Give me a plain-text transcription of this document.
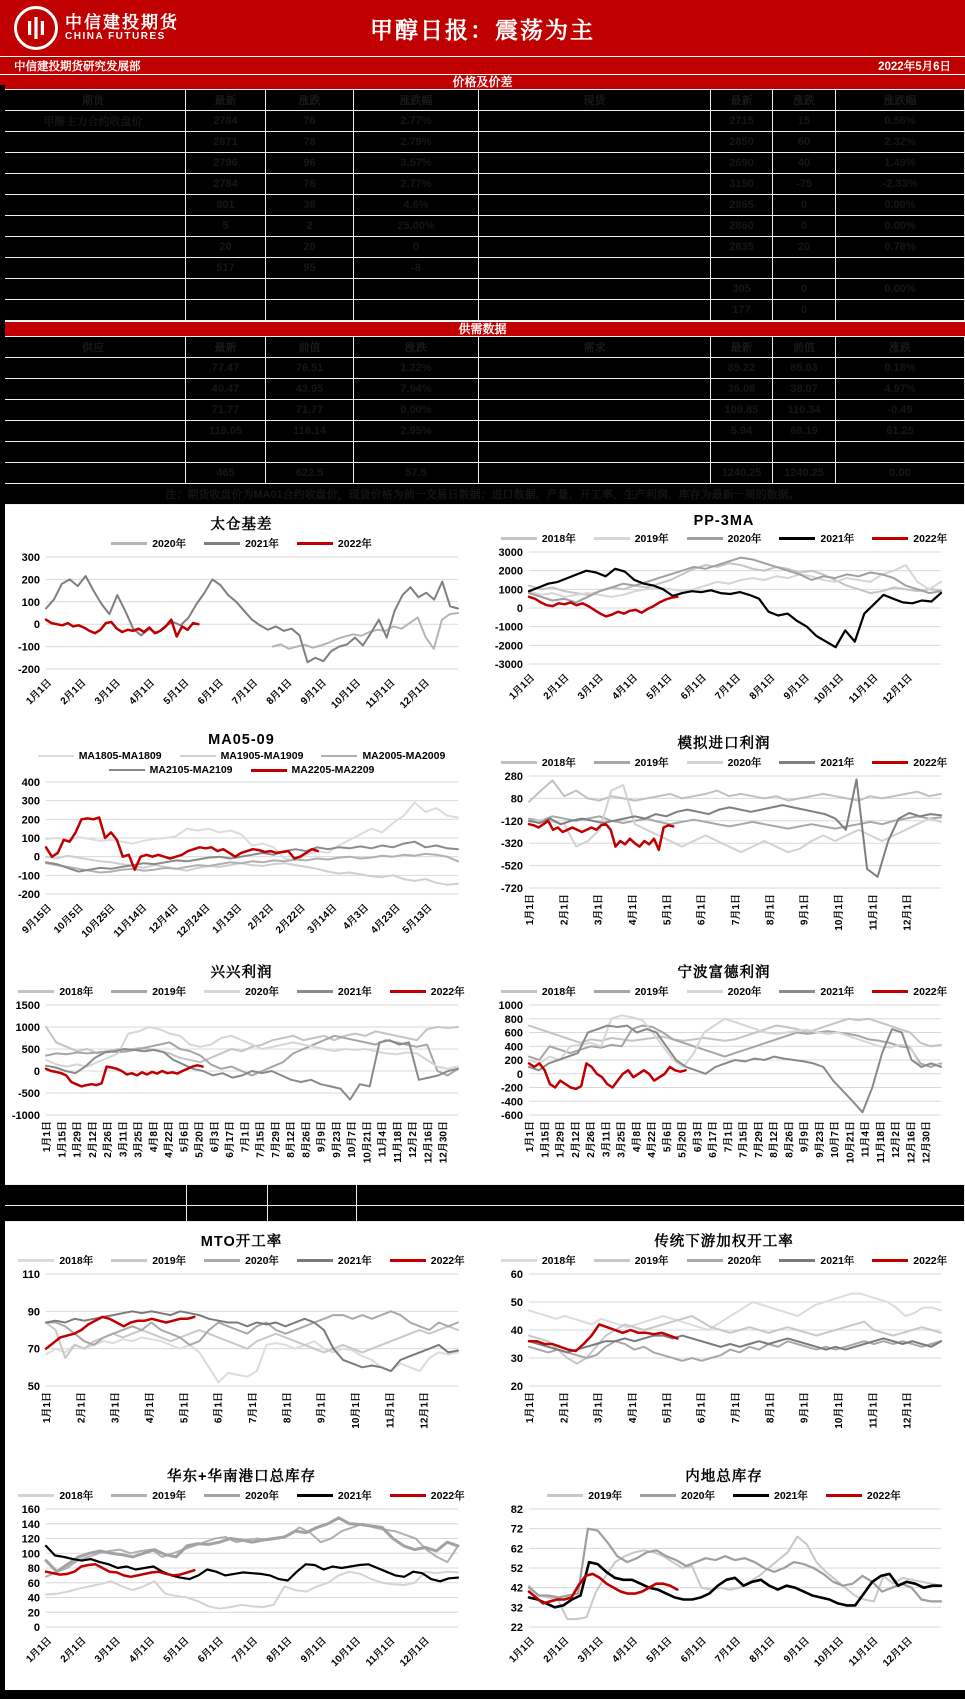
中信建投期货
CHINA FUTURES	甲醇日报：震荡为主
中信建投期货研究发展部	2022年5月6日
价格及价差
期货	最新	涨跌	涨跌幅	现货	最新	涨跌	涨跌幅
甲醇主力合约收盘价	2784	76	2.77%		2715	15	0.56%
	2871	78	2.79%		2850	60	2.32%
	2796	96	3.57%		2690	40	1.49%
	2784	76	2.77%		3150	-75	-2.33%
	801	38	4.6%		2865	0	0.00%
	5	2	25.00%		2860	0	0.00%
	20	20	0		2835	20	0.78%
	517	95	-8				
					305	0	0.00%
					177	0	
供需数据
供应	最新	前值	涨跌	需求	最新	前值	涨跌
	77.47	76.51	1.22%		85.22	85.03	0.18%
	40.47	43.95	7.94%		36.08	38.07	4.97%
	71.77	71.77	0.00%		109.85	110.34	-0.49
	119.05	118.14	2.95%		5.94	68.19	61.25

	465	622.5	57.5		1240.25	1240.25	0.00
注：期货收盘价为MA01合约收盘价，现货价格为前一交易日数据；进口数据、产量、开工率、生产利润、库存为最新一周的数据。							
太仓基差
2020年	2021年	2022年
300
200
100
0
-100
-200
1月1日 2月1日 3月1日 4月1日 5月1日 6月1日 7月1日 8月1日 9月1日 10月1日 11月1日 12月1日
PP-3MA
2018年	2019年	2020年	2021年	2022年
3000
2000
1000
0
-1000
-2000
-3000
1月1日 2月1日 3月1日 4月1日 5月1日 6月1日 7月1日 8月1日 9月1日 10月1日 11月1日 12月1日
MA05-09
MA1805-MA1809	MA1905-MA1909	MA2005-MA2009
MA2105-MA2109	MA2205-MA2209
400
300
200
100
0
-100
-200
9月15日
10月5日
10月25日
11月14日
12月4日
12月24日
1月13日 2月2日
2月22日
3月14日 4月3日
4月23日
5月13日
模拟进口利润
2018年	2019年	2020年	2021年	2022年
280
80
-120
-320
-520
-720
1月1日 2月1日 3月1日 4月1日 5月1日 6月1日 7月1日 8月1日 9月1日 10月1日 11月1日 12月1日
兴兴利润
2018年	2019年	2020年	2021年	2022年
1500
1000
500
0
-500
-1000
1月1日 1月15日 1月29日 2月12日 2月26日 3月11日 3月25日 4月8日 4月22日 5月6日 5月20日 6月3日 6月17日 7月1日 7月15日 7月29日 8月12日 8月26日 9月9日 9月23日 10月7日 10月21日 11月4日 11月18日 12月2日 12月16日 12月30日
宁波富德利润
2018年	2019年	2020年	2021年	2022年
1000
800
600
400
200
0
-200
-400
-600
1月1日 1月15日 1月29日 2月12日 2月26日 3月11日 3月25日 4月8日 4月22日 5月6日 5月20日 6月3日 6月17日 7月1日 7月15日 7月29日 8月12日 8月26日 9月9日 9月23日 10月7日 10月21日 11月4日 11月18日 12月2日 12月16日 12月30日

MTO开工率
2018年	2019年	2020年	2021年	2022年
110
90
70
50
1月1日 2月1日 3月1日 4月1日 5月1日 6月1日 7月1日 8月1日 9月1日 10月1日 11月1日 12月1日
传统下游加权开工率
2018年	2019年	2020年	2021年	2022年
60
50
40
30
20
1月1日 2月1日 3月1日 4月1日 5月1日 6月1日 7月1日 8月1日 9月1日 10月1日 11月1日 12月1日
华东+华南港口总库存
2018年	2019年	2020年	2021年	2022年
160
140
120
100
80
60
40
20
0
1月1日 2月1日 3月1日 4月1日 5月1日 6月1日 7月1日 8月1日 9月1日 10月1日 11月1日 12月1日
内地总库存
2019年	2020年	2021年	2022年
82
72
62
52
42
32
22
1月1日 2月1日 3月1日 4月1日 5月1日 6月1日 7月1日 8月1日 9月1日 10月1日 11月1日 12月1日
